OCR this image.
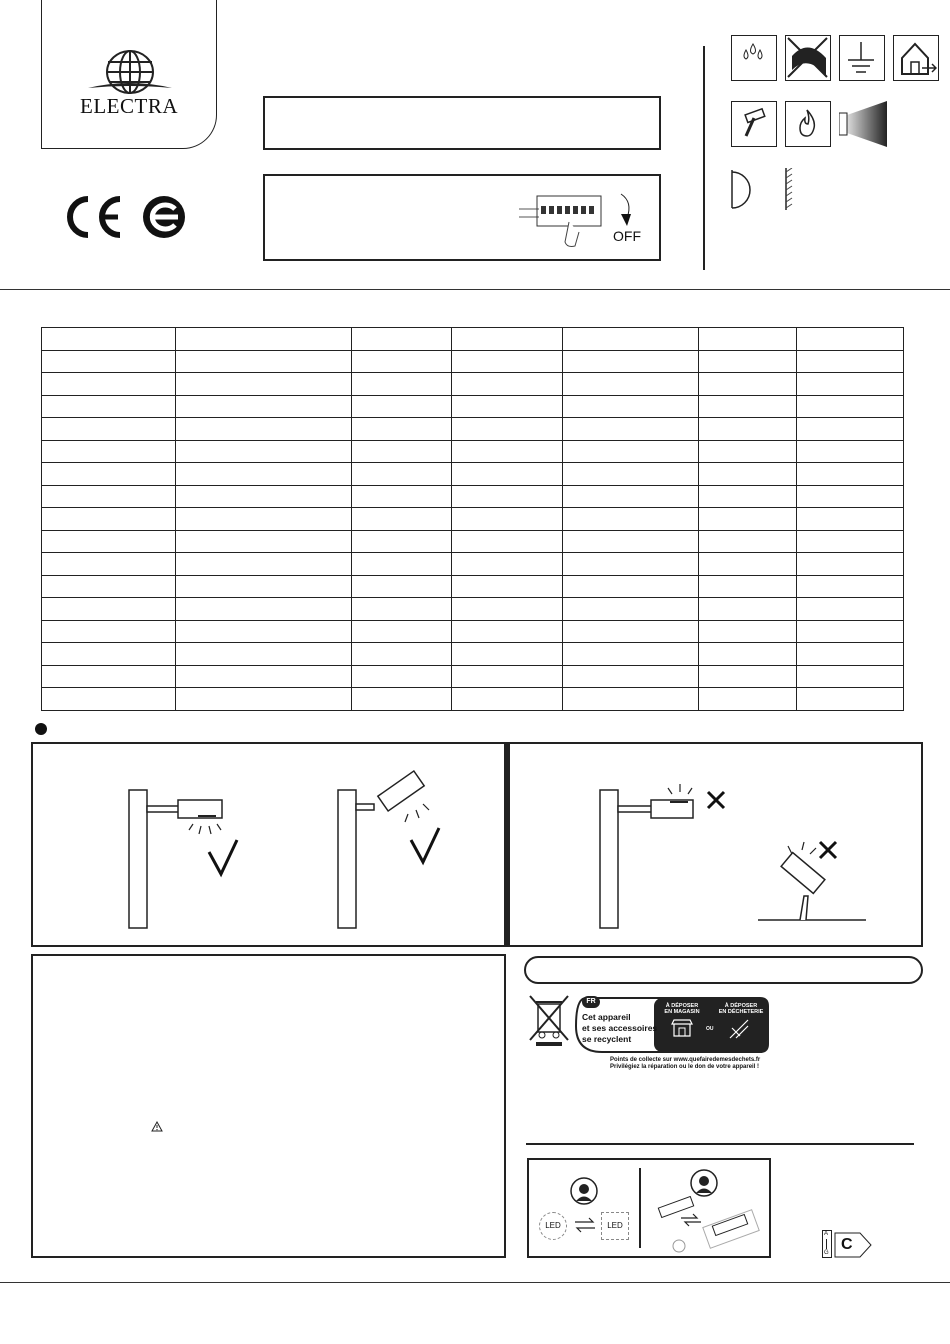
ELECTRA
OFF

FR
Cet appareil
et ses accessoires
se recyclent
À DÉPOSER
EN MAGASIN
À DÉPOSER
EN DÉCHETERIE
OU
Points de collecte sur www.quefairedemesdechets.fr
Privilégiez la réparation ou le don de votre appareil !
LED	LED
A
G C
